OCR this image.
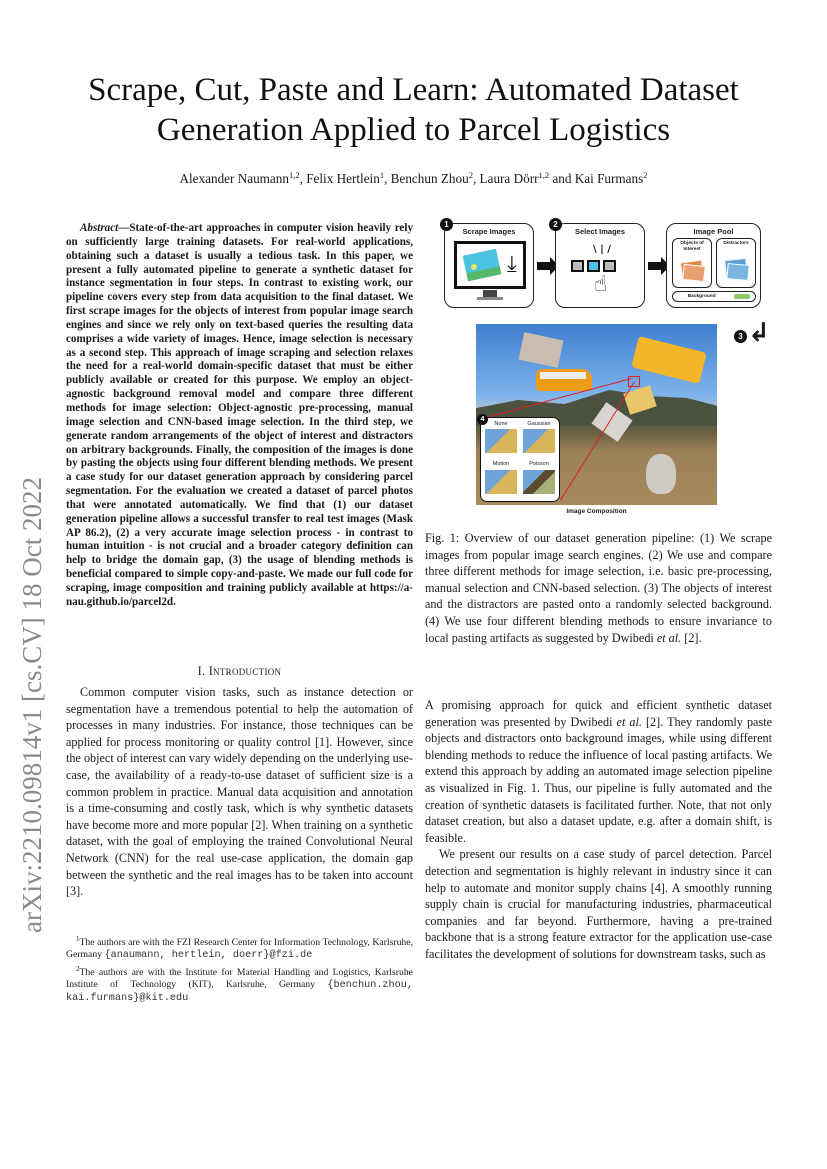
Scrape, Cut, Paste and Learn: Automated Dataset
Generation Applied to Parcel Logistics
Alexander Naumann$^{1,2}$, Felix Hertlein$^1$, Benchun Zhou$^2$, Laura Dörr$^{1,2}$ and Kai Furmans$^2$
arXiv:2210.09814v1 [cs.CV] 18 Oct 2022

Abstract—State-of-the-art approaches in computer vision heavily rely on sufficiently large training datasets. For real-world applications, obtaining such a dataset is usually a tedious task. In this paper, we present a fully automated pipeline to generate a synthetic dataset for instance segmentation in four steps. In contrast to existing work, our pipeline covers every step from data acquisition to the final dataset. We first scrape images for the objects of interest from popular image search engines and since we rely only on text-based queries the resulting data comprises a wide variety of images. Hence, image selection is necessary as a second step. This approach of image scraping and selection relaxes the need for a real-world domain-specific dataset that must be either publicly available or created for this purpose. We employ an object-agnostic background removal model and compare three different methods for image selection: Object-agnostic pre-processing, manual image selection and CNN-based image selection. In the third step, we generate random arrangements of the object of interest and distractors on arbitrary backgrounds. Finally, the composition of the images is done by pasting the objects using four different blending methods. We present a case study for our dataset generation approach by considering parcel segmentation. For the evaluation we created a dataset of parcel photos that were annotated automatically. We find that (1) our dataset generation pipeline allows a successful transfer to real test images (Mask AP 86.2), (2) a very accurate image selection process - in contrast to human intuition - is not crucial and a broader category definition can help to bridge the domain gap, (3) the usage of blending methods is beneficial compared to simple copy-and-paste. We made our full code for scraping, image composition and training publicly available at https://a-nau.github.io/parcel2d.

I. Introduction

Common computer vision tasks, such as instance detection or segmentation have a tremendous potential to help the automation of processes in many industries. For instance, those techniques can be applied for process monitoring or quality control [1]. However, since the object of interest can vary widely depending on the underlying use-case, the availability of a ready-to-use dataset of sufficient size is a common problem in practice. Manual data acquisition and annotation is a time-consuming and costly task, which is why synthetic datasets have become more and more popular [2]. When training on a synthetic dataset, with the goal of employing the trained Convolutional Neural Network (CNN) for the real use-case application, the domain gap between the synthetic and the real images has to be taken into account [3].

$^1$The authors are with the FZI Research Center for Information Technology, Karlsruhe, Germany {anaumann, hertlein, doerr}@fzi.de

$^2$The authors are with the Institute for Material Handling and Logistics, Karlsruhe Institute of Technology (KIT), Karlsruhe, Germany {benchun.zhou, kai.furmans}@kit.edu

Scrape Images
⤓
1
Select Images
\ | /
☝
2
Image Pool
Objects of Interest
Distractors
Background
↲
3
None	Gaussian
Motion	Poisson
4
Image Composition
Fig. 1: Overview of our dataset generation pipeline: (1) We scrape images from popular image search engines. (2) We use and compare three different methods for image selection, i.e. basic pre-processing, manual selection and CNN-based selection. (3) The objects of interest and the distractors are pasted onto a randomly selected background. (4) We use four different blending methods to ensure invariance to local pasting artifacts as suggested by Dwibedi et al. [2].

A promising approach for quick and efficient synthetic dataset generation was presented by Dwibedi et al. [2]. They randomly paste objects and distractors onto background images, while using different blending methods to reduce the influence of local pasting artifacts. We extend this approach by adding an automated image selection pipeline as visualized in Fig. 1. Thus, our pipeline is fully automated and the creation of synthetic datasets is facilitated further. Note, that not only dataset creation, but also a dataset update, e.g. after a domain shift, is feasible.

We present our results on a case study of parcel detection. Parcel detection and segmentation is highly relevant in industry since it can help to automate and monitor supply chains [4]. A smoothly running supply chain is crucial for manufacturing industries, pharmaceutical companies and far beyond. Furthermore, having a pre-trained backbone that is a strong feature extractor for the application use-case facilitates the development of solutions for downstream tasks, such as
